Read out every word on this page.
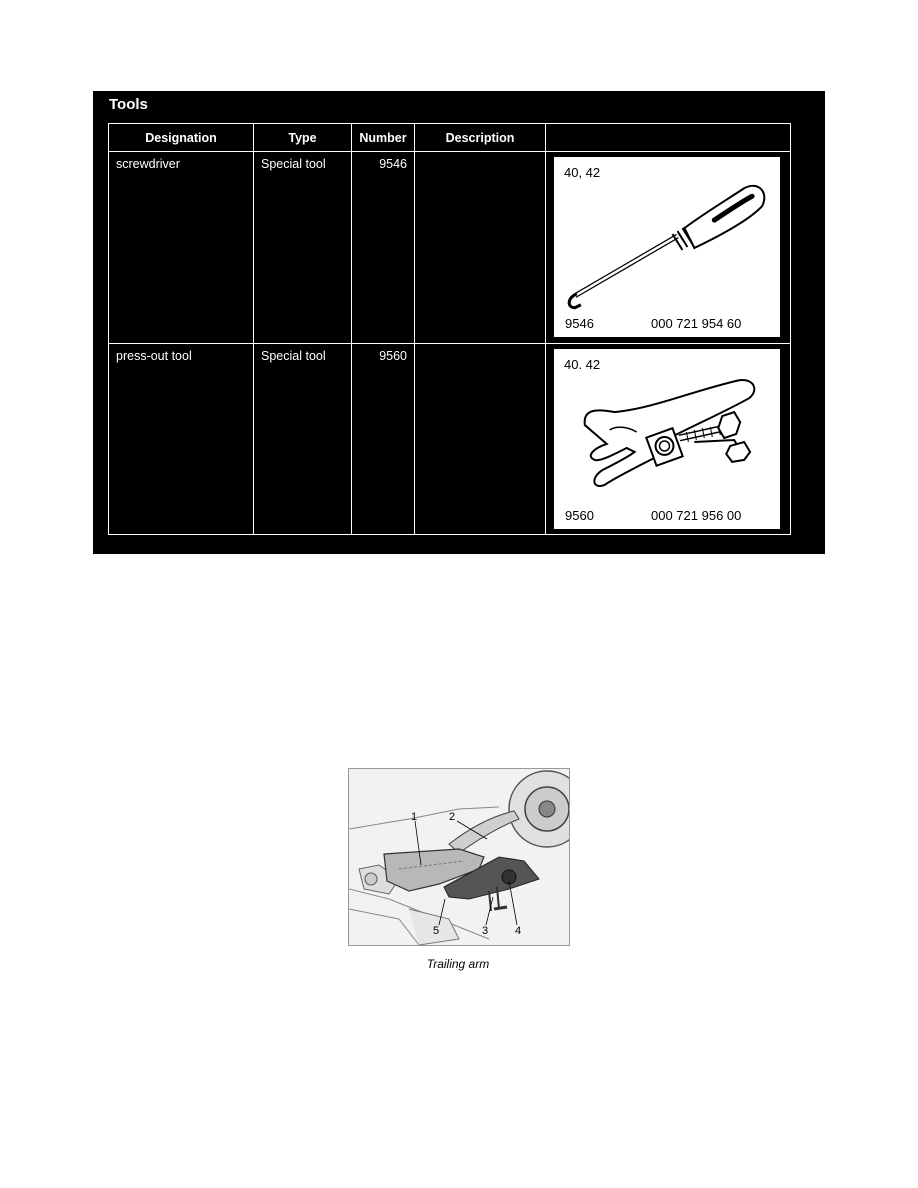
Tools
Designation	Type	Number	Description	
screwdriver	Special tool	9546		40, 42
9546 000 721 954 60

press-out tool	Special tool	9560		40. 42
9560 000 721 956 00
1	2
3 4
5
Trailing arm
